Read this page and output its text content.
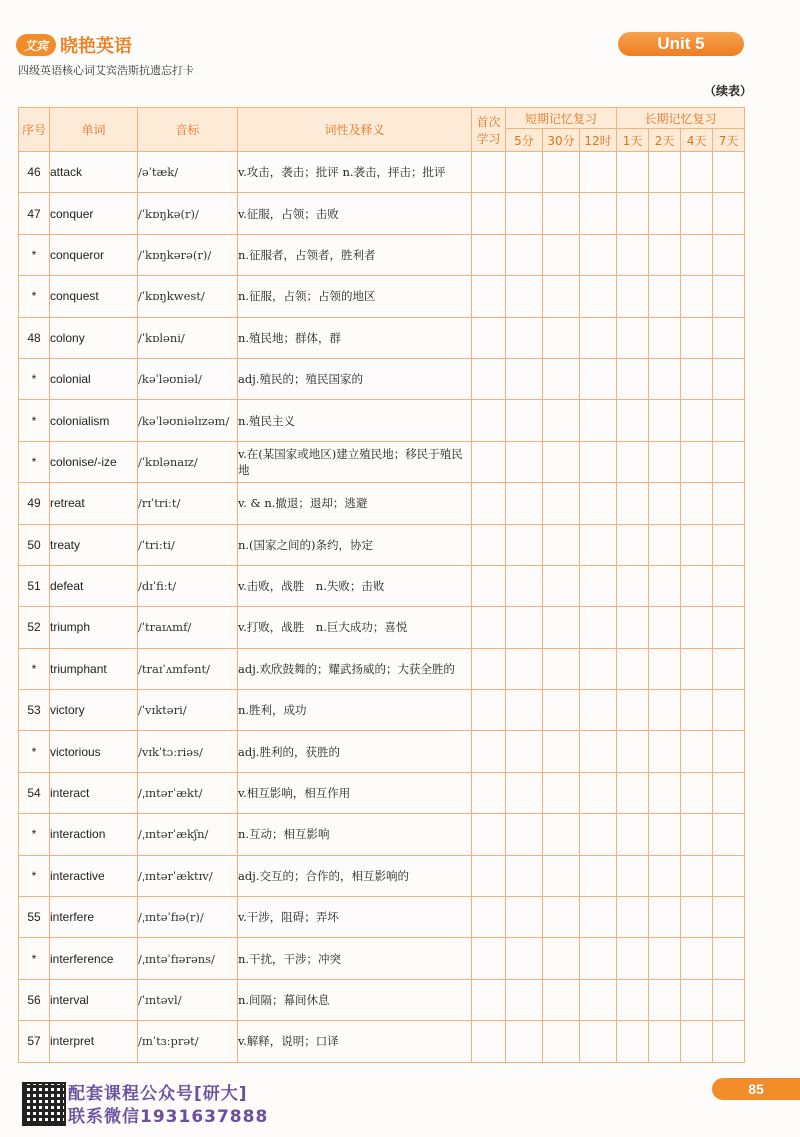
艾宾 晓艳英语
四级英语核心词艾宾浩斯抗遗忘打卡
Unit 5
（续表）
序号	单词	音标	词性及释义	首次学习	短期记忆复习			长期记忆复习			
					5分	30分	12时	1天	2天	4天	7天
46	attack	/əˈtæk/	v.攻击，袭击；批评 n.袭击，抨击；批评								
47	conquer	/ˈkɒŋkə(r)/	v.征服，占领；击败								
*	conqueror	/ˈkɒŋkərə(r)/	n.征服者，占领者，胜利者								
*	conquest	/ˈkɒŋkwest/	n.征服，占领；占领的地区								
48	colony	/ˈkɒləni/	n.殖民地；群体，群								
*	colonial	/kəˈləʊniəl/	adj.殖民的；殖民国家的								
*	colonialism	/kəˈləʊniəlɪzəm/	n.殖民主义								
*	colonise/-ize	/ˈkɒlənaɪz/	v.在(某国家或地区)建立殖民地；移民于殖民地								
49	retreat	/rɪˈtriːt/	v. & n.撤退；退却；逃避								
50	treaty	/ˈtriːti/	n.(国家之间的)条约，协定								
51	defeat	/dɪˈfiːt/	v.击败，战胜　n.失败；击败								
52	triumph	/ˈtraɪʌmf/	v.打败，战胜　n.巨大成功；喜悦								
*	triumphant	/traɪˈʌmfənt/	adj.欢欣鼓舞的；耀武扬威的；大获全胜的								
53	victory	/ˈvɪktəri/	n.胜利，成功								
*	victorious	/vɪkˈtɔːriəs/	adj.胜利的，获胜的								
54	interact	/ˌɪntərˈækt/	v.相互影响，相互作用								
*	interaction	/ˌɪntərˈækʃn/	n.互动；相互影响								
*	interactive	/ˌɪntərˈæktɪv/	adj.交互的；合作的，相互影响的								
55	interfere	/ˌɪntəˈfɪə(r)/	v.干涉，阻碍；弄坏								
*	interference	/ˌɪntəˈfɪərəns/	n.干扰，干涉；冲突								
56	interval	/ˈɪntəvl/	n.间隔；幕间休息								
57	interpret	/ɪnˈtɜːprət/	v.解释，说明；口译								
配套课程公众号[研大]
联系微信1931637888
85
